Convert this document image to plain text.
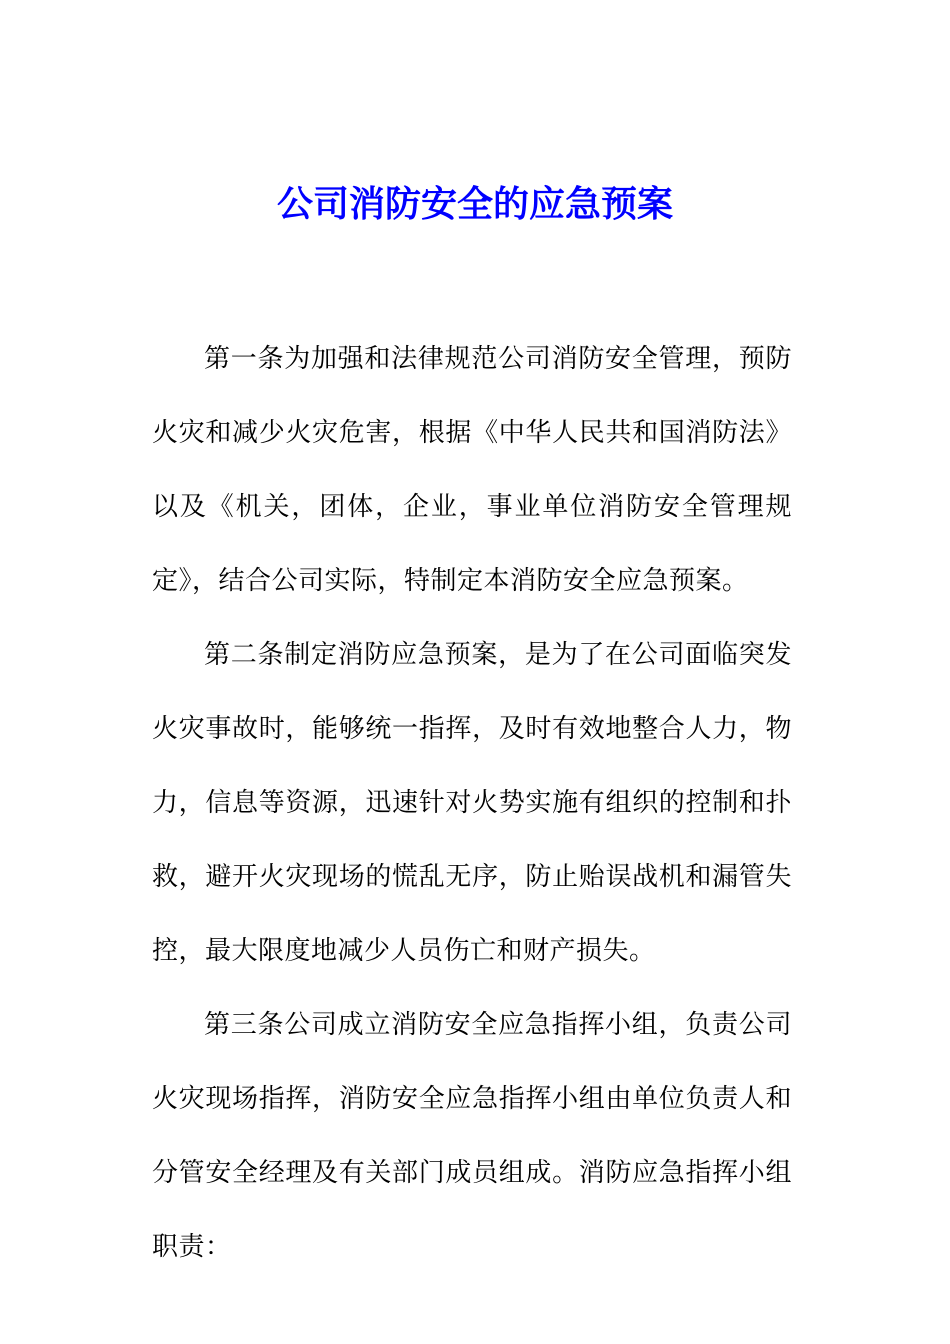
公司消防安全的应急预案

第一条为加强和法律规范公司消防安全管理，预防火灾和减少火灾危害，根据《中华人民共和国消防法》以及《机关，团体，企业，事业单位消防安全管理规定》，结合公司实际，特制定本消防安全应急预案。

第二条制定消防应急预案，是为了在公司面临突发火灾事故时，能够统一指挥，及时有效地整合人力，物力，信息等资源，迅速针对火势实施有组织的控制和扑救，避开火灾现场的慌乱无序，防止贻误战机和漏管失控，最大限度地减少人员伤亡和财产损失。

第三条公司成立消防安全应急指挥小组，负责公司火灾现场指挥，消防安全应急指挥小组由单位负责人和分管安全经理及有关部门成员组成。消防应急指挥小组职责：
